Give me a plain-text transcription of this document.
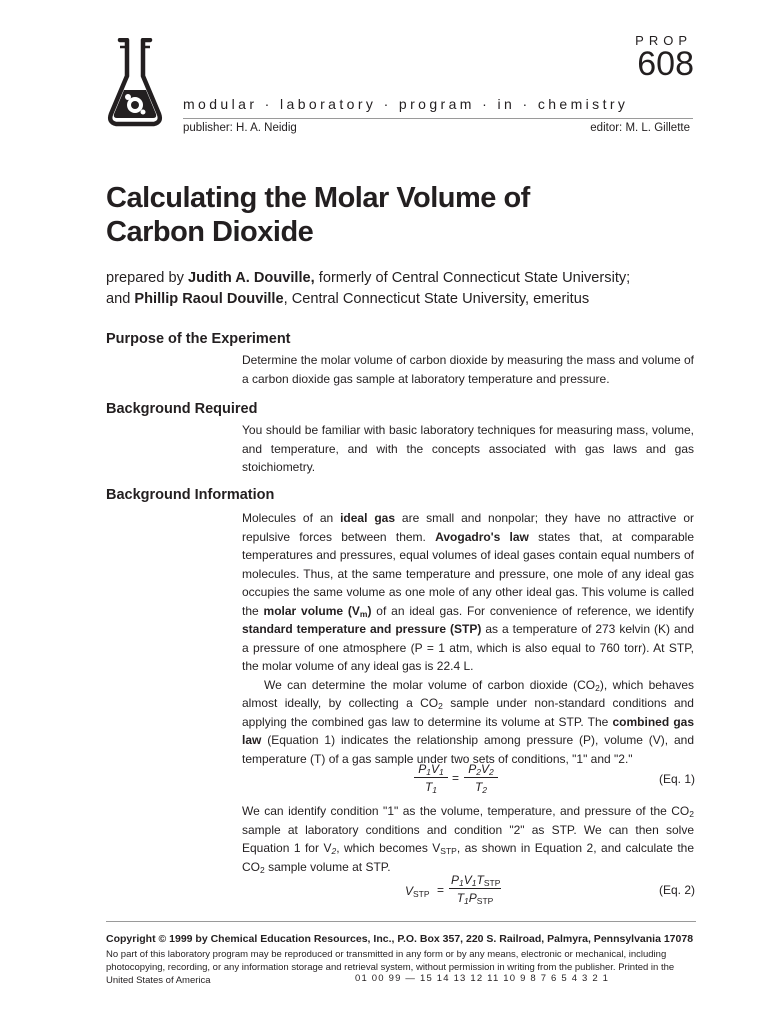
PROP
608
modular · laboratory · program · in · chemistry
publisher: H. A. Neidig	editor: M. L. Gillette
Calculating the Molar Volume of
Carbon Dioxide
prepared by Judith A. Douville, formerly of Central Connecticut State University;
and Phillip Raoul Douville, Central Connecticut State University, emeritus
Purpose of the Experiment

Determine the molar volume of carbon dioxide by measuring the mass and volume of a carbon dioxide gas sample at laboratory temperature and pressure.

Background Required

You should be familiar with basic laboratory techniques for measuring mass, volume, and temperature, and with the concepts associated with gas laws and gas stoichiometry.

Background Information

Molecules of an ideal gas are small and nonpolar; they have no attractive or repulsive forces between them. Avogadro's law states that, at comparable temperatures and pressures, equal volumes of ideal gases contain equal numbers of molecules. Thus, at the same temperature and pressure, one mole of any ideal gas occupies the same volume as one mole of any other ideal gas. This volume is called the molar volume $(V_m)$ of an ideal gas. For convenience of reference, we identify standard temperature and pressure (STP) as a temperature of 273 kelvin (K) and a pressure of one atmosphere (P = 1 atm, which is also equal to 760 torr). At STP, the molar volume of any ideal gas is 22.4 L.

We can determine the molar volume of carbon dioxide $(CO_2)$, which behaves almost ideally, by collecting a $CO_2$ sample under non-standard conditions and applying the combined gas law to determine its volume at STP. The combined gas law (Equation 1) indicates the relationship among pressure (P), volume (V), and temperature (T) of a gas sample under two sets of conditions, "1" and "2."

$P_1V_1$
$T_1$
=
$P_2V_2$
$T_2$
(Eq. 1)

We can identify condition "1" as the volume, temperature, and pressure of the $CO_2$ sample at laboratory conditions and condition "2" as STP. We can then solve Equation 1 for $V_2$, which becomes $V_{STP}$, as shown in Equation 2, and calculate the $CO_2$ sample volume at STP.

$V_{STP}$ =
$P_1V_1T_{STP}$
$T_1P_{STP}$
(Eq. 2)
Copyright © 1999 by Chemical Education Resources, Inc., P.O. Box 357, 220 S. Railroad, Palmyra, Pennsylvania 17078
No part of this laboratory program may be reproduced or transmitted in any form or by any means, electronic or mechanical, including photocopying, recording, or any information storage and retrieval system, without permission in writing from the publisher. Printed in the United States of America	01 00 99 — 15 14 13 12 11 10 9 8 7 6 5 4 3 2 1
